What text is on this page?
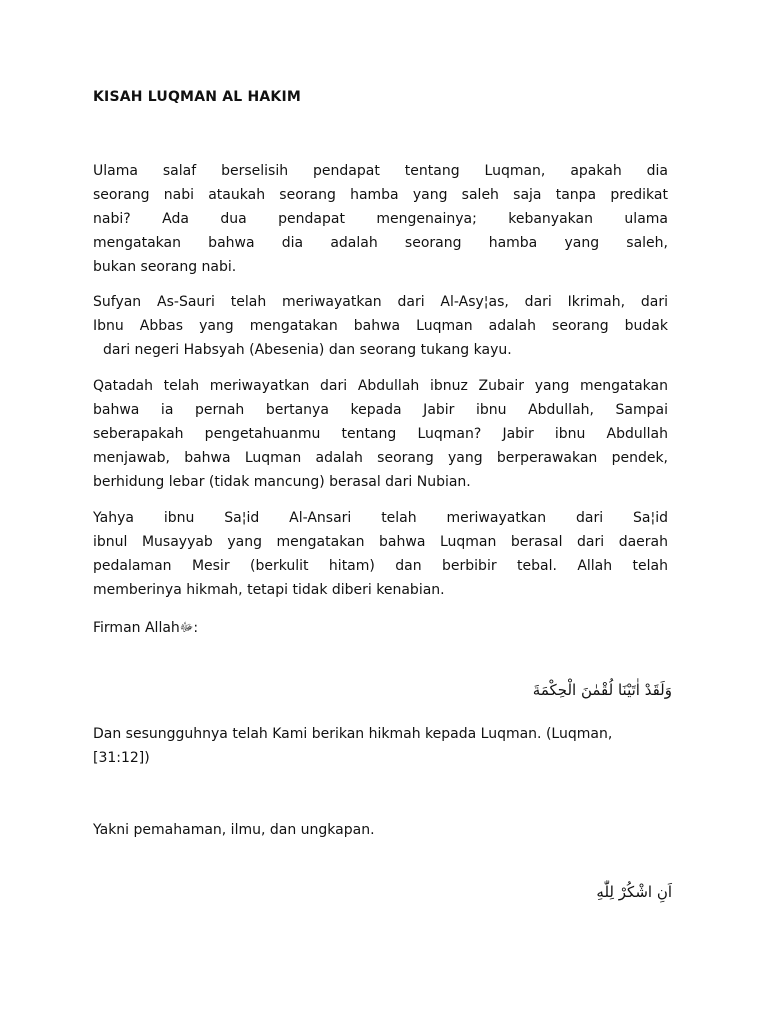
KISAH LUQMAN AL HAKIM
Ulama salaf berselisih pendapat tentang Luqman, apakah dia
seorang nabi ataukah seorang hamba yang saleh saja tanpa predikat
nabi? Ada dua pendapat mengenainya; kebanyakan ulama
mengatakan bahwa dia adalah seorang hamba yang saleh,
bukan seorang nabi.
Sufyan As-Sauri telah meriwayatkan dari Al-Asy¦as, dari Ikrimah, dari
Ibnu Abbas yang mengatakan bahwa Luqman adalah seorang budak
dari negeri Habsyah (Abesenia) dan seorang tukang kayu.
Qatadah telah meriwayatkan dari Abdullah ibnuz Zubair yang mengatakan
bahwa ia pernah bertanya kepada Jabir ibnu Abdullah, Sampai
seberapakah pengetahuanmu tentang Luqman? Jabir ibnu Abdullah
menjawab, bahwa Luqman adalah seorang yang berperawakan pendek,
berhidung lebar (tidak mancung) berasal dari Nubian.
Yahya ibnu Sa¦id Al-Ansari telah meriwayatkan dari Sa¦id
ibnul Musayyab yang mengatakan bahwa Luqman berasal dari daerah
pedalaman Mesir (berkulit hitam) dan berbibir tebal. Allah telah
memberinya hikmah, tetapi tidak diberi kenabian.

Firman Allahﷻ:

وَلَقَدْ اٰتَيْنَا لُقْمٰنَ الْحِكْمَةَ

Dan sesungguhnya telah Kami berikan hikmah kepada Luqman. (Luqman, [31:12])

Yakni pemahaman, ilmu, dan ungkapan.

اَنِ اشْكُرْ لِلّٰهِ
